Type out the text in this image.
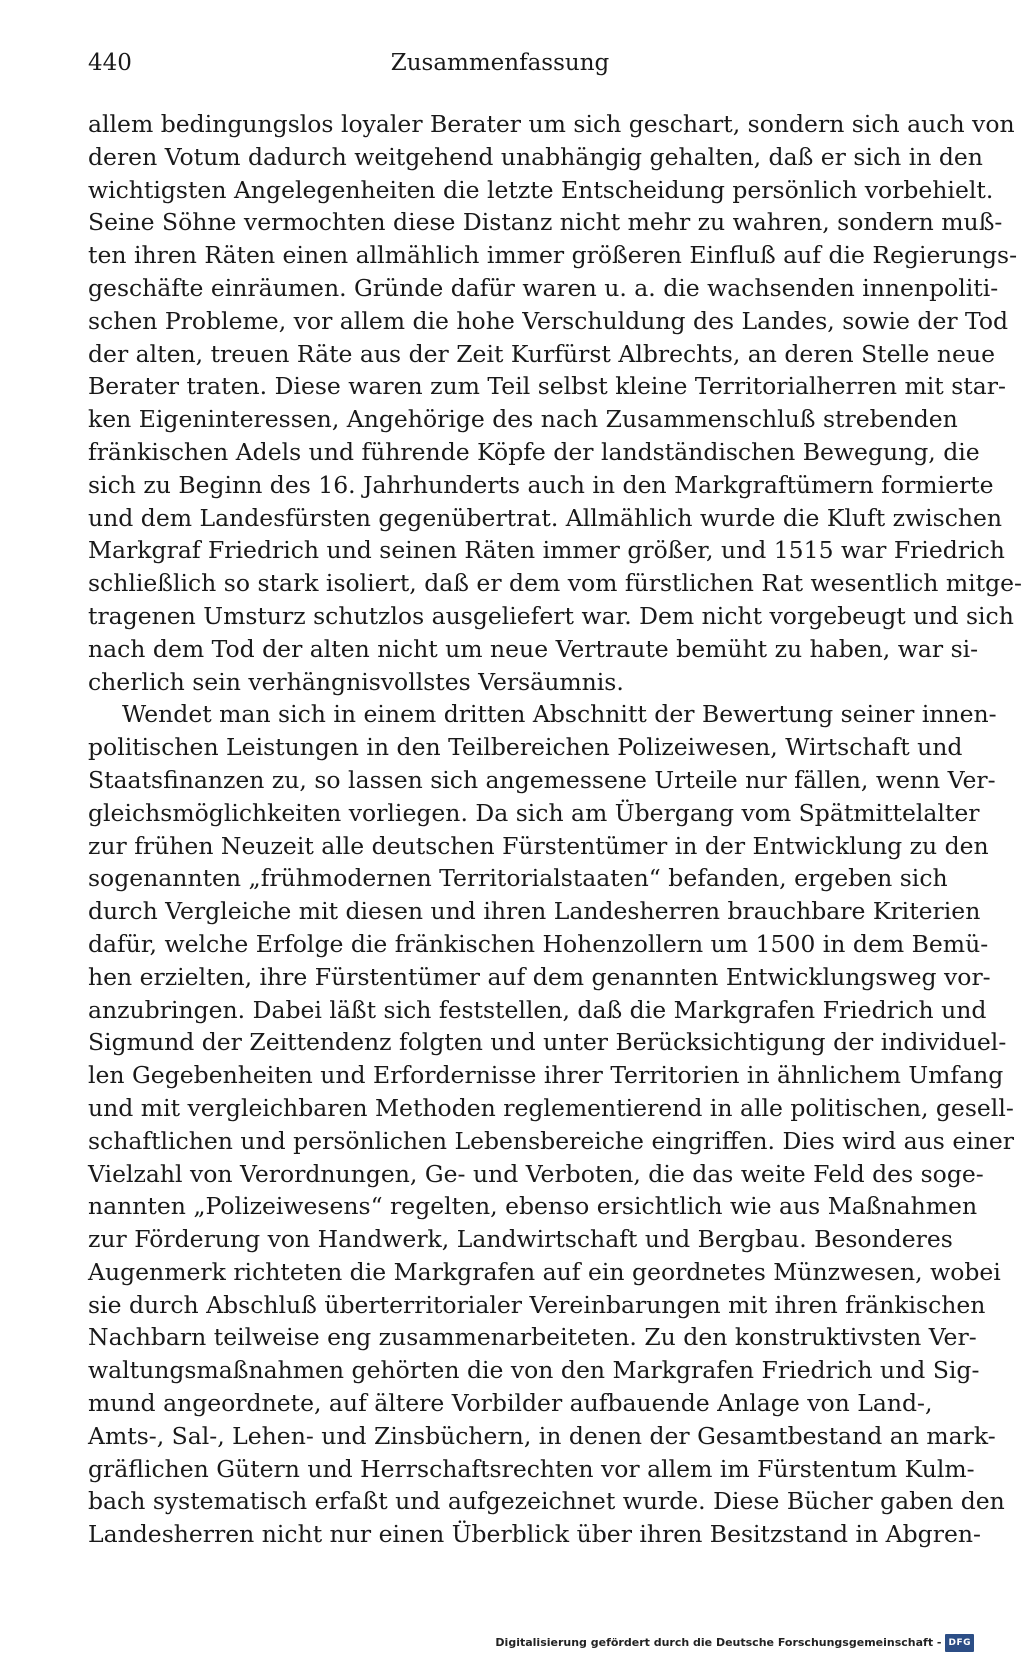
440	Zusammenfassung
allem bedingungslos loyaler Berater um sich geschart, sondern sich auch von
deren Votum dadurch weitgehend unabhängig gehalten, daß er sich in den
wichtigsten Angelegenheiten die letzte Entscheidung persönlich vorbehielt.
Seine Söhne vermochten diese Distanz nicht mehr zu wahren, sondern muß-
ten ihren Räten einen allmählich immer größeren Einfluß auf die Regierungs-
geschäfte einräumen. Gründe dafür waren u. a. die wachsenden innenpoliti-
schen Probleme, vor allem die hohe Verschuldung des Landes, sowie der Tod
der alten, treuen Räte aus der Zeit Kurfürst Albrechts, an deren Stelle neue
Berater traten. Diese waren zum Teil selbst kleine Territorialherren mit star-
ken Eigeninteressen, Angehörige des nach Zusammenschluß strebenden
fränkischen Adels und führende Köpfe der landständischen Bewegung, die
sich zu Beginn des 16. Jahrhunderts auch in den Markgraftümern formierte
und dem Landesfürsten gegenübertrat. Allmählich wurde die Kluft zwischen
Markgraf Friedrich und seinen Räten immer größer, und 1515 war Friedrich
schließlich so stark isoliert, daß er dem vom fürstlichen Rat wesentlich mitge-
tragenen Umsturz schutzlos ausgeliefert war. Dem nicht vorgebeugt und sich
nach dem Tod der alten nicht um neue Vertraute bemüht zu haben, war si-
cherlich sein verhängnisvollstes Versäumnis.
Wendet man sich in einem dritten Abschnitt der Bewertung seiner innen-
politischen Leistungen in den Teilbereichen Polizeiwesen, Wirtschaft und
Staatsfinanzen zu, so lassen sich angemessene Urteile nur fällen, wenn Ver-
gleichsmöglichkeiten vorliegen. Da sich am Übergang vom Spätmittelalter
zur frühen Neuzeit alle deutschen Fürstentümer in der Entwicklung zu den
sogenannten „frühmodernen Territorialstaaten“ befanden, ergeben sich
durch Vergleiche mit diesen und ihren Landesherren brauchbare Kriterien
dafür, welche Erfolge die fränkischen Hohenzollern um 1500 in dem Bemü-
hen erzielten, ihre Fürstentümer auf dem genannten Entwicklungsweg vor-
anzubringen. Dabei läßt sich feststellen, daß die Markgrafen Friedrich und
Sigmund der Zeittendenz folgten und unter Berücksichtigung der individuel-
len Gegebenheiten und Erfordernisse ihrer Territorien in ähnlichem Umfang
und mit vergleichbaren Methoden reglementierend in alle politischen, gesell-
schaftlichen und persönlichen Lebensbereiche eingriffen. Dies wird aus einer
Vielzahl von Verordnungen, Ge- und Verboten, die das weite Feld des soge-
nannten „Polizeiwesens“ regelten, ebenso ersichtlich wie aus Maßnahmen
zur Förderung von Handwerk, Landwirtschaft und Bergbau. Besonderes
Augenmerk richteten die Markgrafen auf ein geordnetes Münzwesen, wobei
sie durch Abschluß überterritorialer Vereinbarungen mit ihren fränkischen
Nachbarn teilweise eng zusammenarbeiteten. Zu den konstruktivsten Ver-
waltungsmaßnahmen gehörten die von den Markgrafen Friedrich und Sig-
mund angeordnete, auf ältere Vorbilder aufbauende Anlage von Land-,
Amts-, Sal-, Lehen- und Zinsbüchern, in denen der Gesamtbestand an mark-
gräflichen Gütern und Herrschaftsrechten vor allem im Fürstentum Kulm-
bach systematisch erfaßt und aufgezeichnet wurde. Diese Bücher gaben den
Landesherren nicht nur einen Überblick über ihren Besitzstand in Abgren-
Digitalisierung gefördert durch die Deutsche Forschungsgemeinschaft - DFG
